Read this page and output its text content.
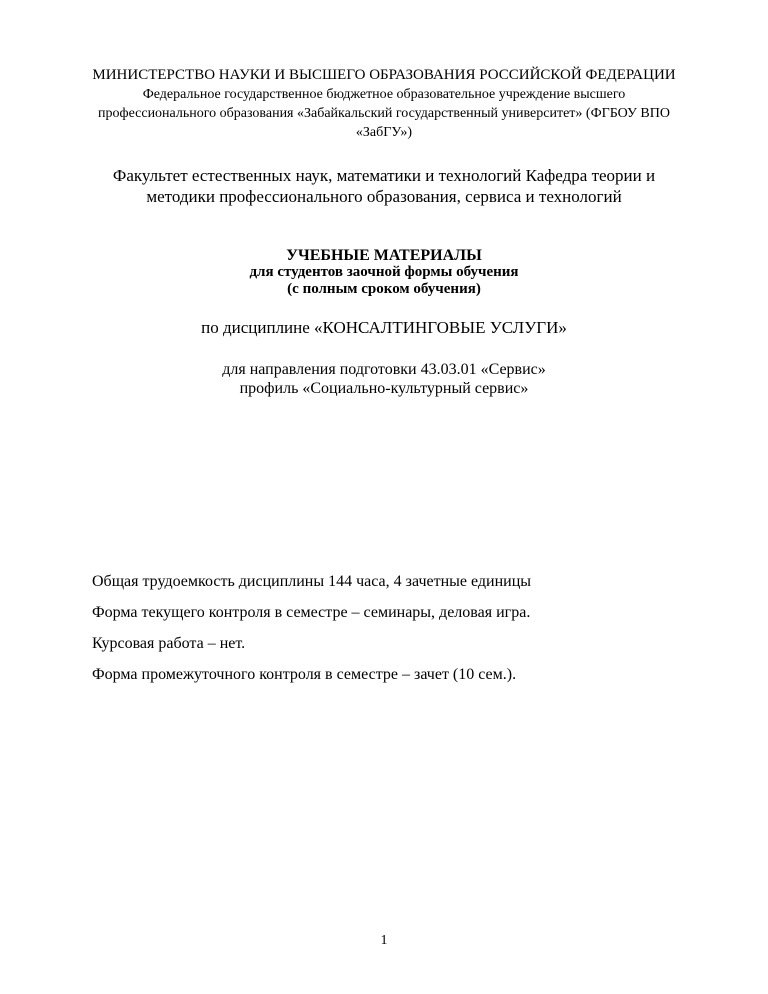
МИНИСТЕРСТВО НАУКИ И ВЫСШЕГО ОБРАЗОВАНИЯ РОССИЙСКОЙ ФЕДЕРАЦИИ
Федеральное государственное бюджетное образовательное учреждение высшего
профессионального образования «Забайкальский государственный университет» (ФГБОУ ВПО
«ЗабГУ»)
Факультет естественных наук, математики и технологий Кафедра теории и
методики профессионального образования, сервиса и технологий
УЧЕБНЫЕ МАТЕРИАЛЫ
для студентов заочной формы обучения
(с полным сроком обучения)
по дисциплине «КОНСАЛТИНГОВЫЕ УСЛУГИ»
для направления подготовки 43.03.01 «Сервис»
профиль «Социально-культурный сервис»
Общая трудоемкость дисциплины 144 часа, 4 зачетные единицы
Форма текущего контроля в семестре – семинары, деловая игра.
Курсовая работа – нет.
Форма промежуточного контроля в семестре – зачет (10 сем.).
1
